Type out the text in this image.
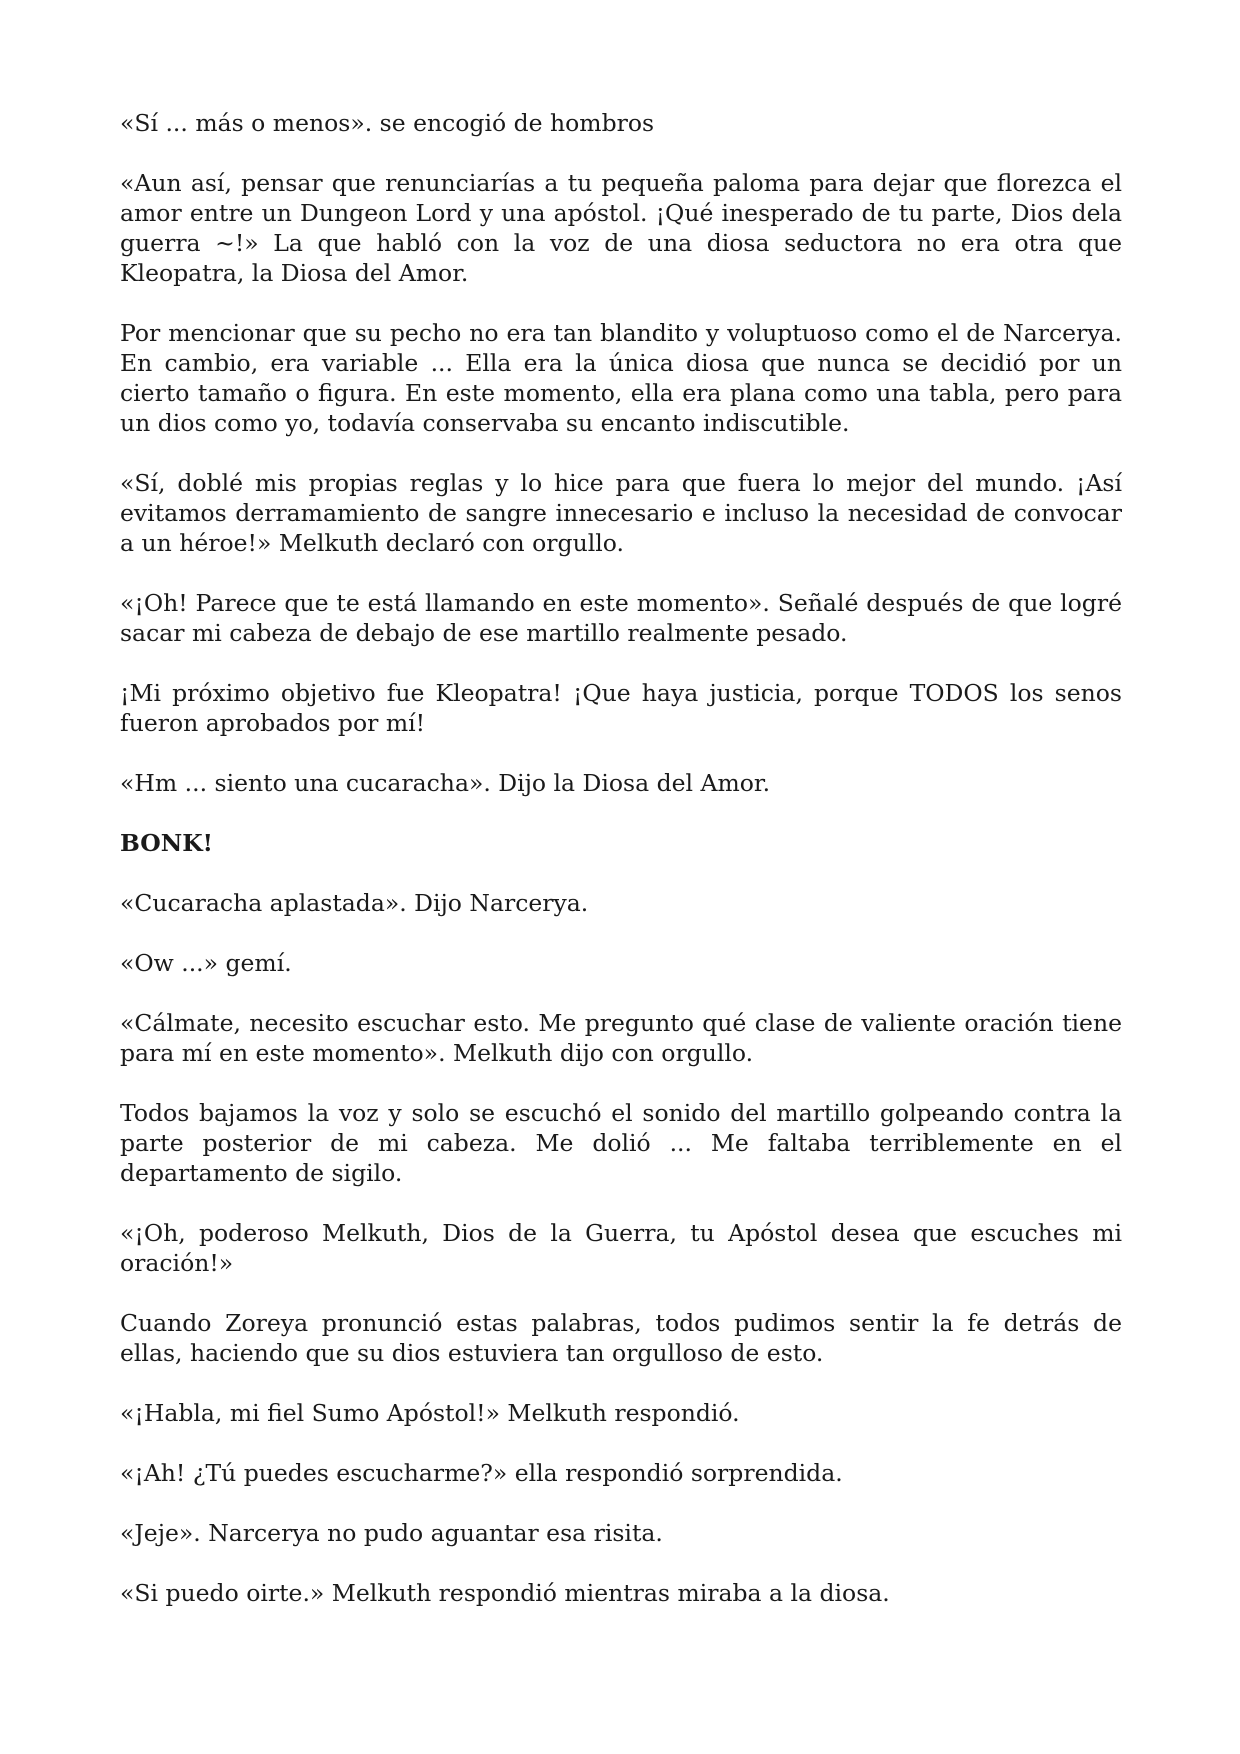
«Sí ... más o menos». se encogió de hombros

«Aun así, pensar que renunciarías a tu pequeña paloma para dejar que florezca el amor entre un Dungeon Lord y una apóstol. ¡Qué inesperado de tu parte, Dios dela guerra ~!» La que habló con la voz de una diosa seductora no era otra que Kleopatra, la Diosa del Amor.

Por mencionar que su pecho no era tan blandito y voluptuoso como el de Narcerya. En cambio, era variable ... Ella era la única diosa que nunca se decidió por un cierto tamaño o figura. En este momento, ella era plana como una tabla, pero para un dios como yo, todavía conservaba su encanto indiscutible.

«Sí, doblé mis propias reglas y lo hice para que fuera lo mejor del mundo. ¡Así evitamos derramamiento de sangre innecesario e incluso la necesidad de convocar a un héroe!» Melkuth declaró con orgullo.

«¡Oh! Parece que te está llamando en este momento». Señalé después de que logré sacar mi cabeza de debajo de ese martillo realmente pesado.

¡Mi próximo objetivo fue Kleopatra! ¡Que haya justicia, porque TODOS los senos fueron aprobados por mí!

«Hm ... siento una cucaracha». Dijo la Diosa del Amor.

BONK!

«Cucaracha aplastada». Dijo Narcerya.

«Ow ...» gemí.

«Cálmate, necesito escuchar esto. Me pregunto qué clase de valiente oración tiene para mí en este momento». Melkuth dijo con orgullo.

Todos bajamos la voz y solo se escuchó el sonido del martillo golpeando contra la parte posterior de mi cabeza. Me dolió ... Me faltaba terriblemente en el departamento de sigilo.

«¡Oh, poderoso Melkuth, Dios de la Guerra, tu Apóstol desea que escuches mi oración!»

Cuando Zoreya pronunció estas palabras, todos pudimos sentir la fe detrás de ellas, haciendo que su dios estuviera tan orgulloso de esto.

«¡Habla, mi fiel Sumo Apóstol!» Melkuth respondió.

«¡Ah! ¿Tú puedes escucharme?» ella respondió sorprendida.

«Jeje». Narcerya no pudo aguantar esa risita.

«Si puedo oirte.» Melkuth respondió mientras miraba a la diosa.
